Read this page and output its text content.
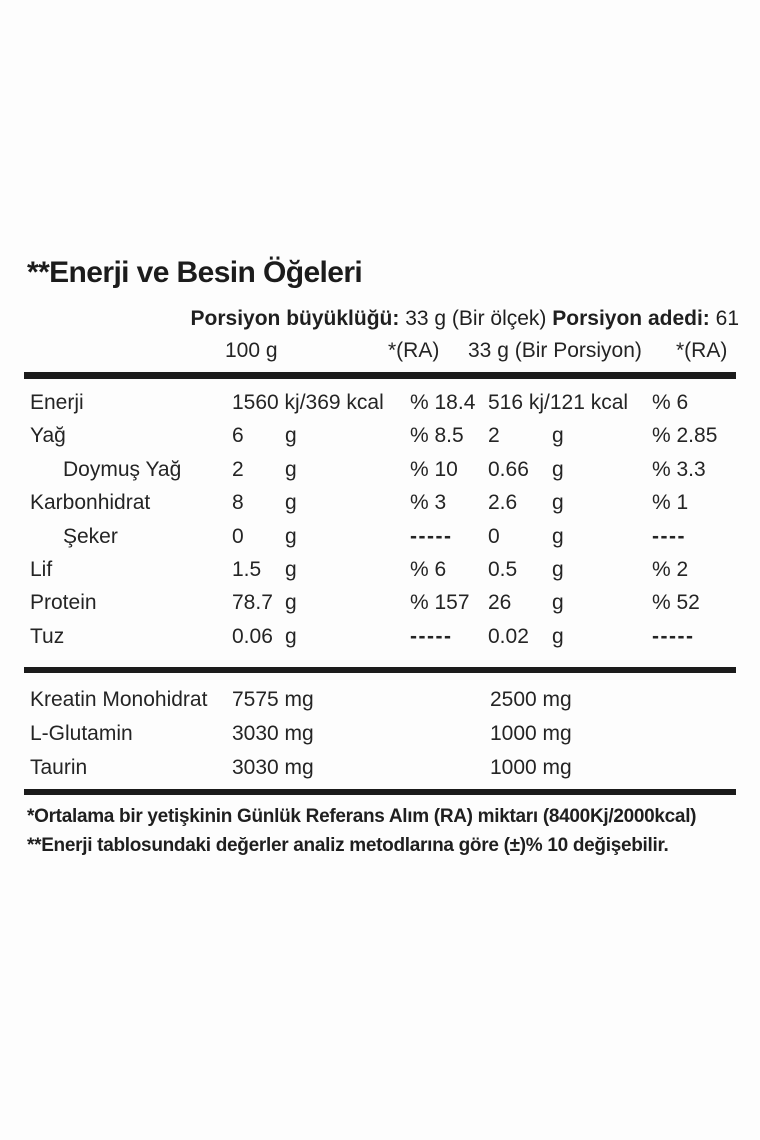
**Enerji ve Besin Öğeleri
Porsiyon büyüklüğü: 33 g (Bir ölçek) Porsiyon adedi: 61
100 g	*(RA) 33 g (Bir Porsiyon) *(RA)
Enerji	1560 kj/369 kcal % 18.4 516 kj/121 kcal % 6
Yağ	6 g	% 8.5 2 g	% 2.85
Doymuş Yağ 2 g	% 10 0.66 g	% 3.3
Karbonhidrat	8 g	% 3 2.6 g	% 1
Şeker	0 g	----- 0 g	----
Lif	1.5 g	% 6 0.5 g	% 2
Protein	78.7 g	% 157 26 g	% 52
Tuz	0.06 g	----- 0.02 g	-----
Kreatin Monohidrat 7575 mg	2500 mg
L-Glutamin	3030 mg	1000 mg
Taurin	3030 mg	1000 mg
*Ortalama bir yetişkinin Günlük Referans Alım (RA) miktarı (8400Kj/2000kcal)
**Enerji tablosundaki değerler analiz metodlarına göre (±)% 10 değişebilir.
